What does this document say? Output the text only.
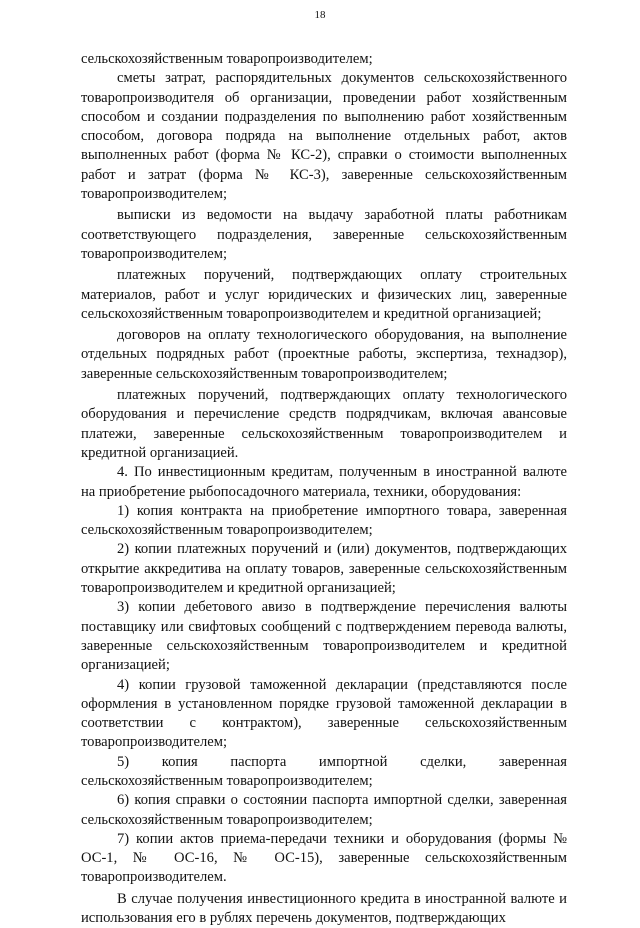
18

сельскохозяйственным товаропроизводителем;

сметы затрат, распорядительных документов сельскохозяйственного товаропроизводителя об организации, проведении работ хозяйственным способом и создании подразделения по выполнению работ хозяйственным способом, договора подряда на выполнение отдельных работ, актов выполненных работ (форма № КС-2), справки о стоимости выполненных работ и затрат (форма № КС-3), заверенные сельскохозяйственным товаропроизводителем;

выписки из ведомости на выдачу заработной платы работникам соответствующего подразделения, заверенные сельскохозяйственным товаропроизводителем;

платежных поручений, подтверждающих оплату строительных материалов, работ и услуг юридических и физических лиц, заверенные сельскохозяйственным товаропроизводителем и кредитной организацией;

договоров на оплату технологического оборудования, на выполнение отдельных подрядных работ (проектные работы, экспертиза, технадзор), заверенные сельскохозяйственным товаропроизводителем;

платежных поручений, подтверждающих оплату технологического оборудования и перечисление средств подрядчикам, включая авансовые платежи, заверенные сельскохозяйственным товаропроизводителем и кредитной организацией.

4. По инвестиционным кредитам, полученным в иностранной валюте на приобретение рыбопосадочного материала, техники, оборудования:

1) копия контракта на приобретение импортного товара, заверенная сельскохозяйственным товаропроизводителем;

2) копии платежных поручений и (или) документов, подтверждающих открытие аккредитива на оплату товаров, заверенные сельскохозяйственным товаропроизводителем и кредитной организацией;

3) копии дебетового авизо в подтверждение перечисления валюты поставщику или свифтовых сообщений с подтверждением перевода валюты, заверенные сельскохозяйственным товаропроизводителем и кредитной организацией;

4) копии грузовой таможенной декларации (представляются после оформления в установленном порядке грузовой таможенной декларации в соответствии с контрактом), заверенные сельскохозяйственным товаропроизводителем;

5) копия паспорта импортной сделки, заверенная сельскохозяйственным товаропроизводителем;

6) копия справки о состоянии паспорта импортной сделки, заверенная сельскохозяйственным товаропроизводителем;

7) копии актов приема-передачи техники и оборудования (формы № ОС-1, № ОС-16, № ОС-15), заверенные сельскохозяйственным товаропроизводителем.

В случае получения инвестиционного кредита в иностранной валюте и использования его в рублях перечень документов, подтверждающих
